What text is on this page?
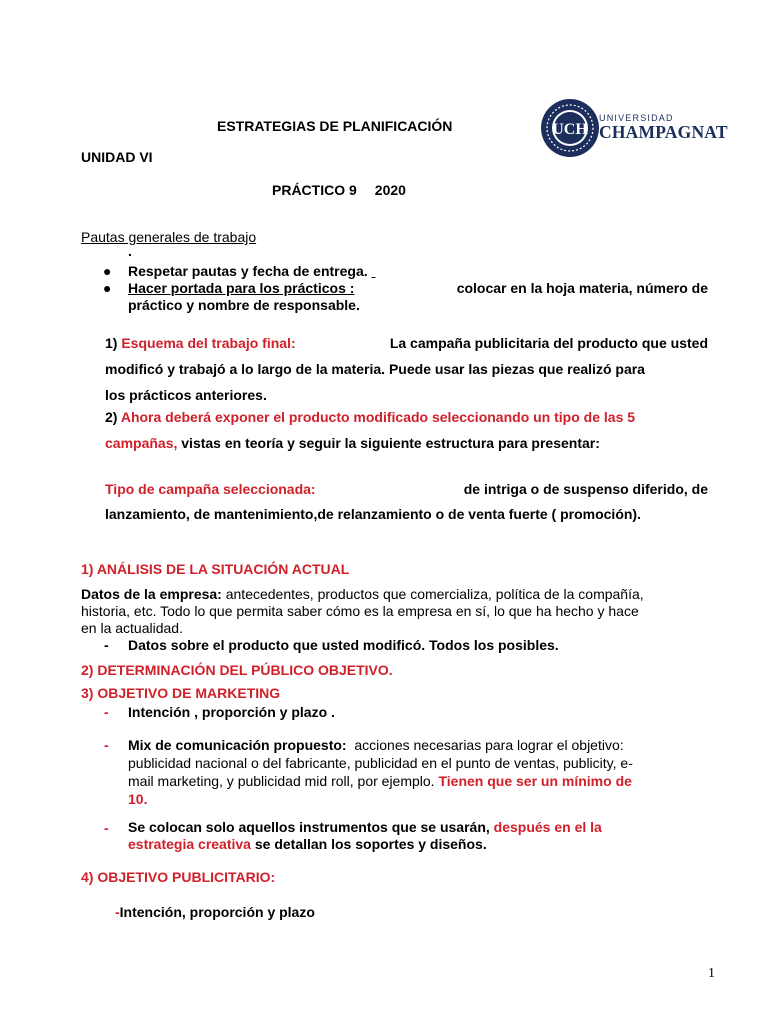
ESTRATEGIAS DE PLANIFICACIÓN
UNIDAD VI
PRÁCTICO 9 2020
UCH
UNIVERSIDAD
CHAMPAGNAT
Pautas generales de trabajo
.
● Respetar pautas y fecha de entrega.
● Hacer portada para los prácticos :	colocar en la hoja materia, número de
práctico y nombre de responsable.
1) Esquema del trabajo final:	La campaña publicitaria del producto que usted
modificó y trabajó a lo largo de la materia. Puede usar las piezas que realizó para
los prácticos anteriores.
2) Ahora deberá exponer el producto modificado seleccionando un tipo de las 5
campañas, vistas en teoría y seguir la siguiente estructura para presentar:
Tipo de campaña seleccionada:	de intriga o de suspenso diferido, de
lanzamiento, de mantenimiento,de relanzamiento o de venta fuerte ( promoción).
1) ANÁLISIS DE LA SITUACIÓN ACTUAL
Datos de la empresa: antecedentes, productos que comercializa, política de la compañía,
historia, etc. Todo lo que permita saber cómo es la empresa en sí, lo que ha hecho y hace
en la actualidad.
- Datos sobre el producto que usted modificó. Todos los posibles.
2) DETERMINACIÓN DEL PÚBLICO OBJETIVO.
3) OBJETIVO DE MARKETING
- Intención , proporción y plazo .
- Mix de comunicación propuesto: acciones necesarias para lograr el objetivo:
publicidad nacional o del fabricante, publicidad en el punto de ventas, publicity, e-
mail marketing, y publicidad mid roll, por ejemplo. Tienen que ser un mínimo de
10.
- Se colocan solo aquellos instrumentos que se usarán, después en el la
estrategia creativa se detallan los soportes y diseños.
4) OBJETIVO PUBLICITARIO:
-Intención, proporción y plazo
1
